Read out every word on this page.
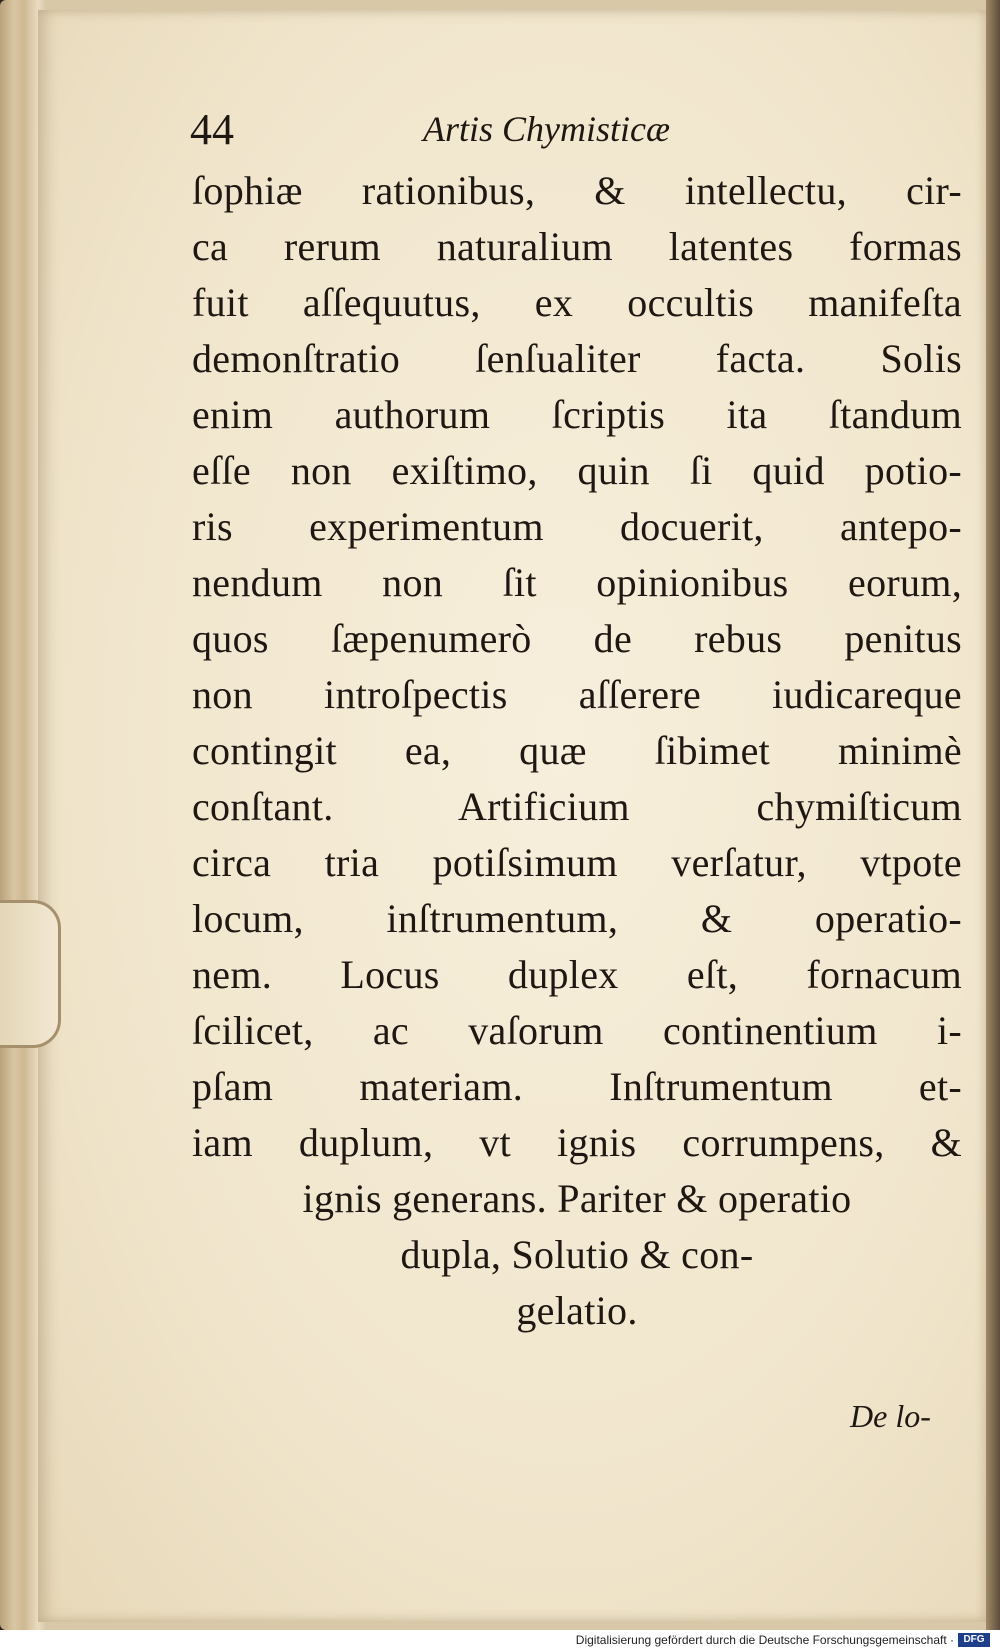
44	Artis Chymisticæ
ſophiæ rationibus, & intellectu, cir-
ca rerum naturalium latentes formas
fuit aſſequutus, ex occultis manifeſta
demonſtratio ſenſualiter facta. Solis
enim authorum ſcriptis ita ſtandum
eſſe non exiſtimo, quin ſi quid potio-
ris experimentum docuerit, antepo-
nendum non ſit opinionibus eorum,
quos ſæpenumerò de rebus penitus
non introſpectis aſſerere iudicareque
contingit ea, quæ ſibimet minimè
conſtant. Artificium chymiſticum
circa tria potiſsimum verſatur, vtpote
locum, inſtrumentum, & operatio-
nem. Locus duplex eſt, fornacum
ſcilicet, ac vaſorum continentium i-
pſam materiam. Inſtrumentum et-
iam duplum, vt ignis corrumpens, &
ignis generans. Pariter & operatio
dupla, Solutio & con-
gelatio.
De lo-
Digitalisierung gefördert durch die Deutsche Forschungsgemeinschaft · DFG
